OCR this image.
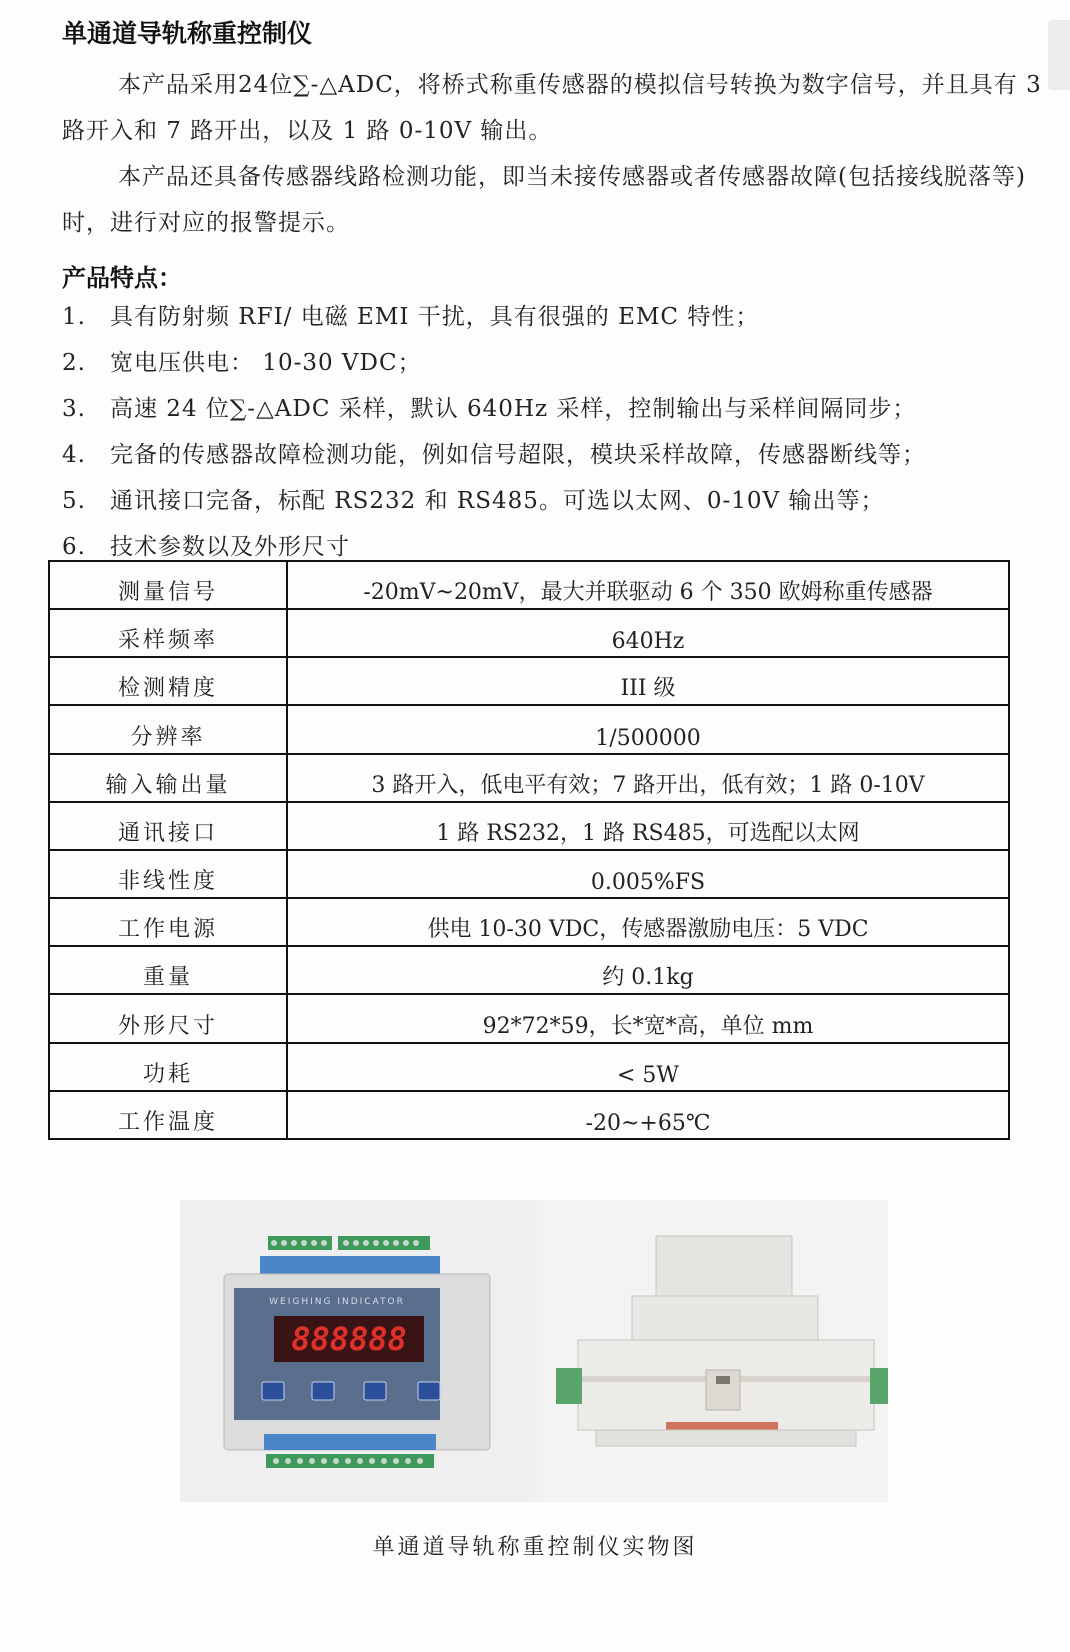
单通道导轨称重控制仪
本产品采用24位∑-△ADC，将桥式称重传感器的模拟信号转换为数字信号，并且具有 3 路开入和 7 路开出，以及 1 路 0-10V 输出。
本产品还具备传感器线路检测功能，即当未接传感器或者传感器故障(包括接线脱落等)时，进行对应的报警提示。
产品特点：
1. 具有防射频 RFI/ 电磁 EMI 干扰，具有很强的 EMC 特性；
2. 宽电压供电： 10-30 VDC；
3. 高速 24 位∑-△ADC 采样，默认 640Hz 采样，控制输出与采样间隔同步；
4. 完备的传感器故障检测功能，例如信号超限，模块采样故障，传感器断线等；
5. 通讯接口完备，标配 RS232 和 RS485。可选以太网、0-10V 输出等；
6. 技术参数以及外形尺寸
测量信号	-20mV~20mV，最大并联驱动 6 个 350 欧姆称重传感器
采样频率	640Hz
检测精度	III 级
分辨率	1/500000
输入输出量	3 路开入，低电平有效；7 路开出，低有效；1 路 0-10V
通讯接口	1 路 RS232，1 路 RS485，可选配以太网
非线性度	0.005%FS
工作电源	供电 10-30 VDC，传感器激励电压：5 VDC
重量	约 0.1kg
外形尺寸	92*72*59，长*宽*高，单位 mm
功耗	< 5W
工作温度	-20~+65℃
WEIGHING INDICATOR
888888
单通道导轨称重控制仪实物图
